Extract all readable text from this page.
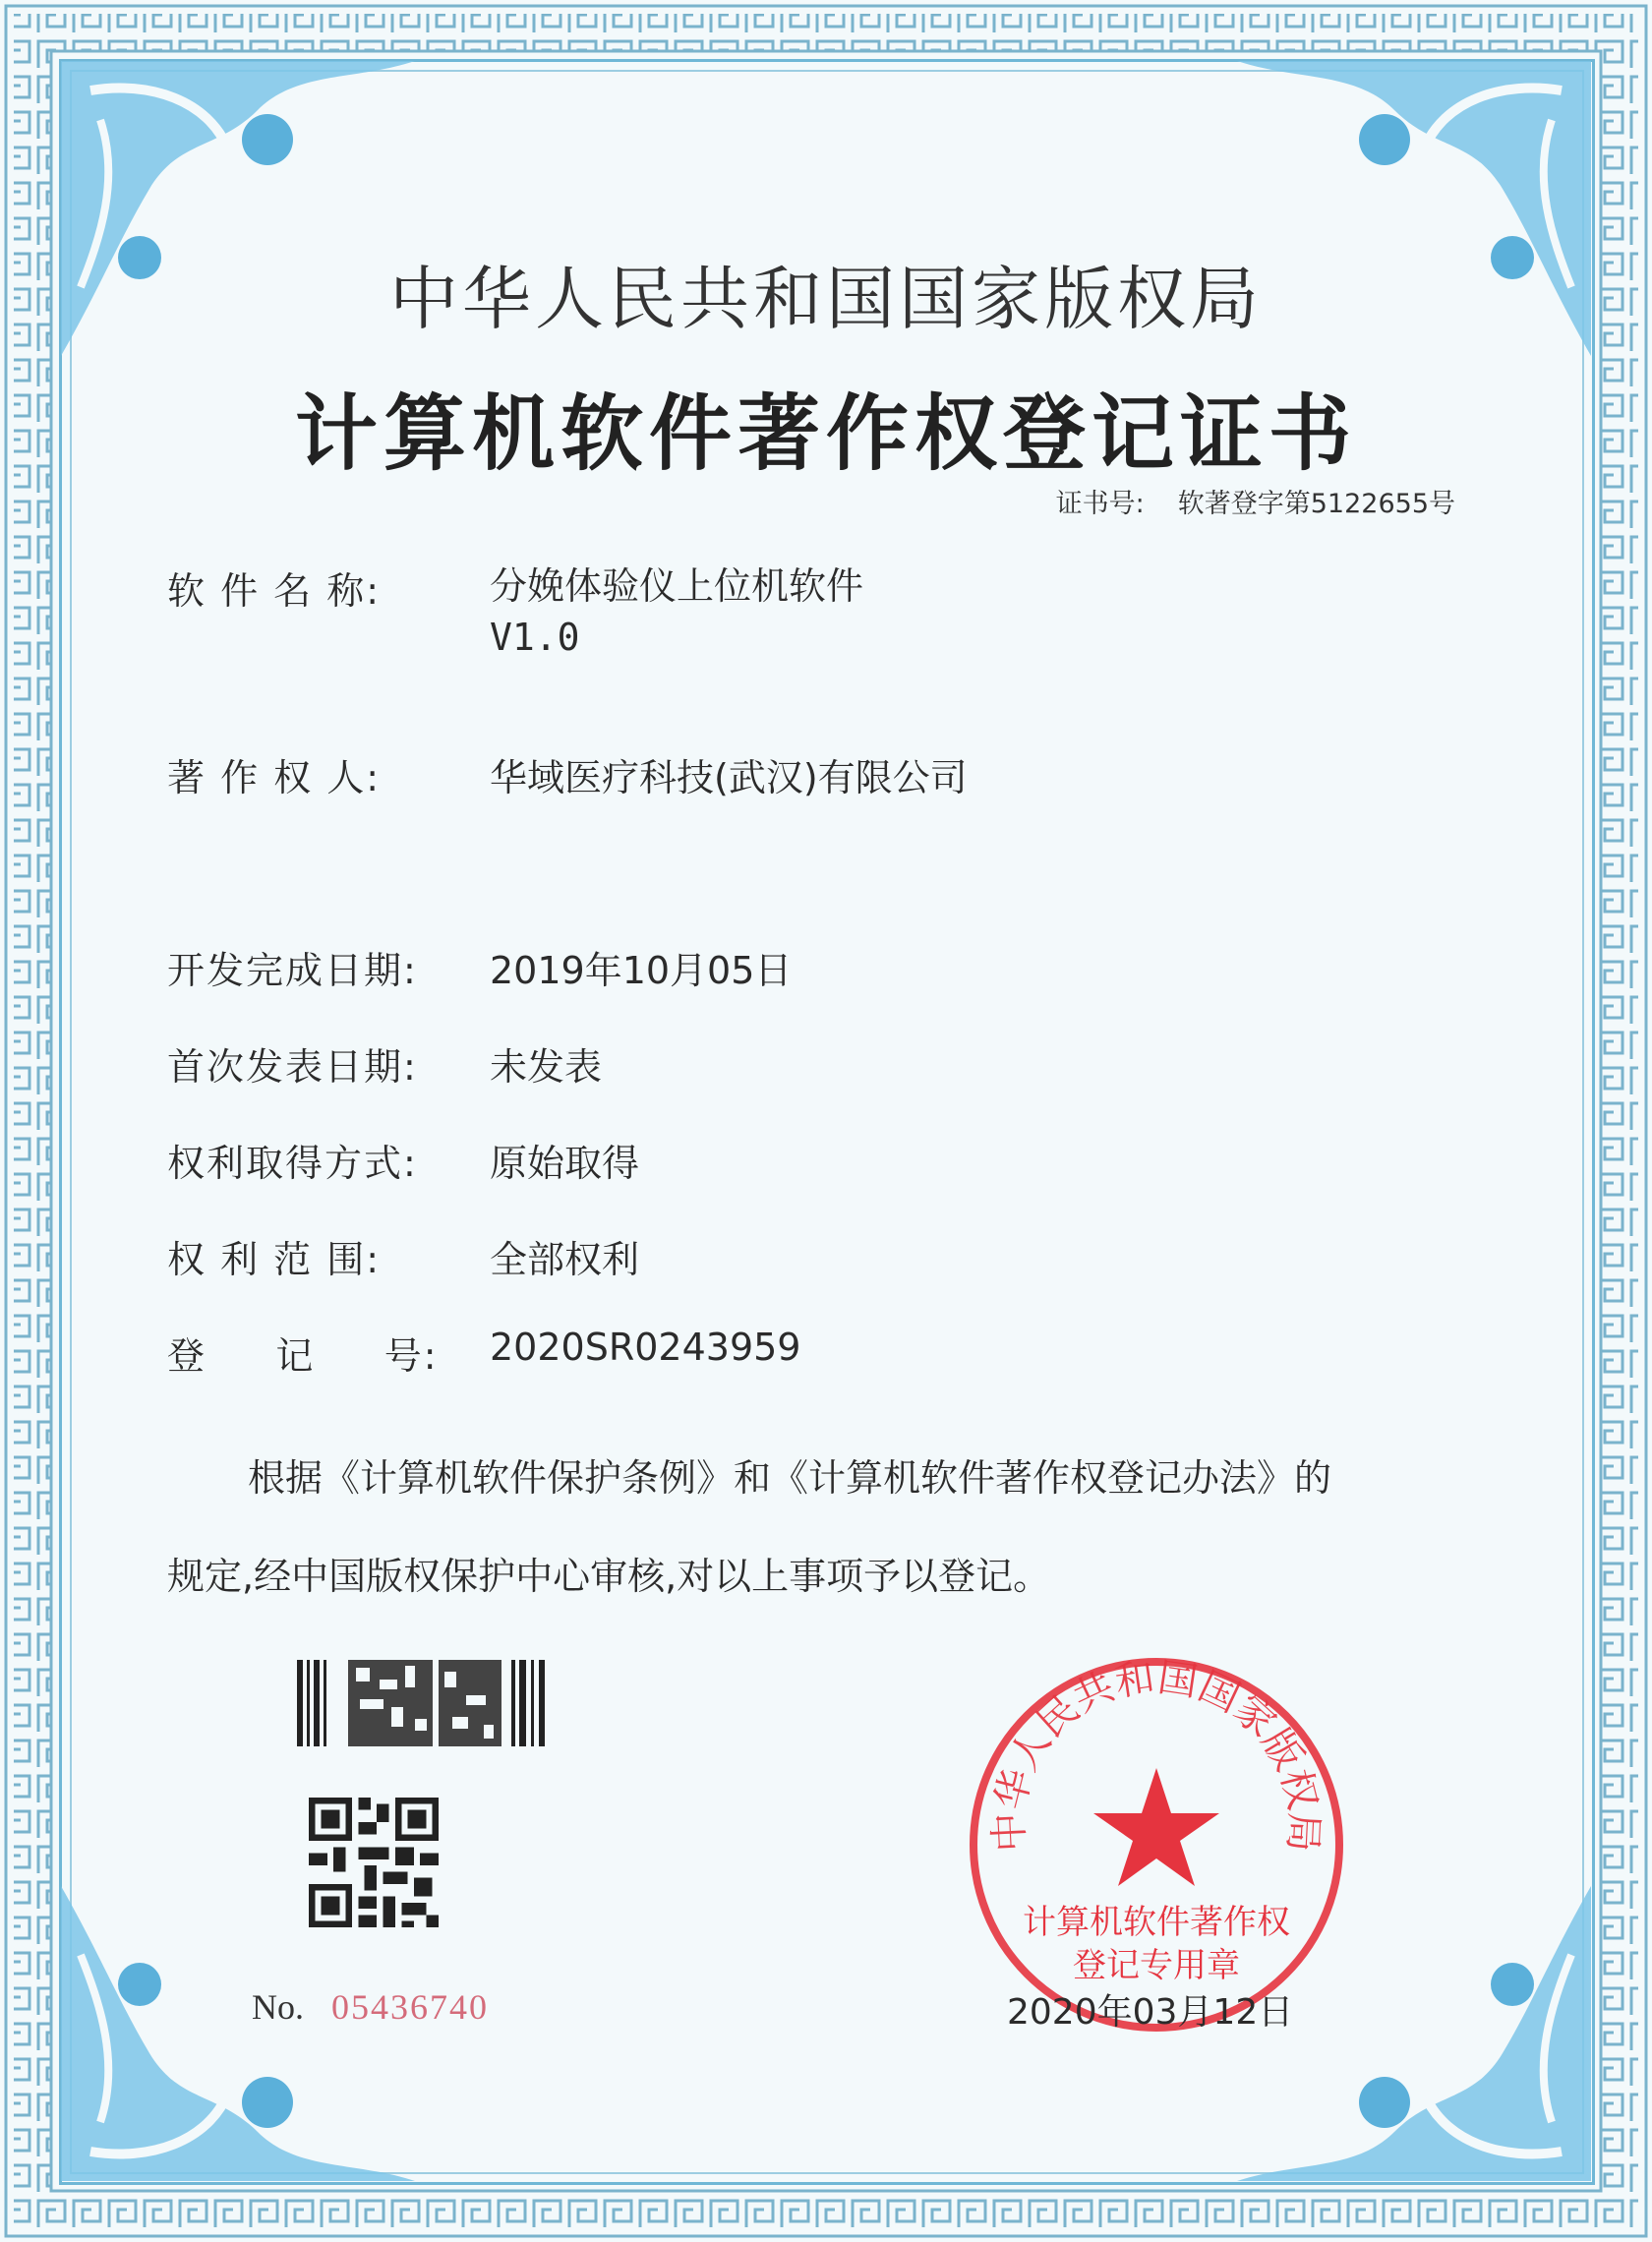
中华人民共和国国家版权局
计算机软件著作权登记证书
证书号: 软著登字第5122655号
软 件 名 称:	分娩体验仪上位机软件
V1.0
著 作 权 人:	华域医疗科技(武汉)有限公司
开发完成日期: 2019年10月05日
首次发表日期: 未发表
权利取得方式: 原始取得
权 利 范 围:	全部权利
登     记     号: 2020SR0243959
根据《计算机软件保护条例》和《计算机软件著作权登记办法》的
规定,经中国版权保护中心审核,对以上事项予以登记。
No. 05436740
中华人民共和国国家版权局
计算机软件著作权
登记专用章
2020年03月12日
